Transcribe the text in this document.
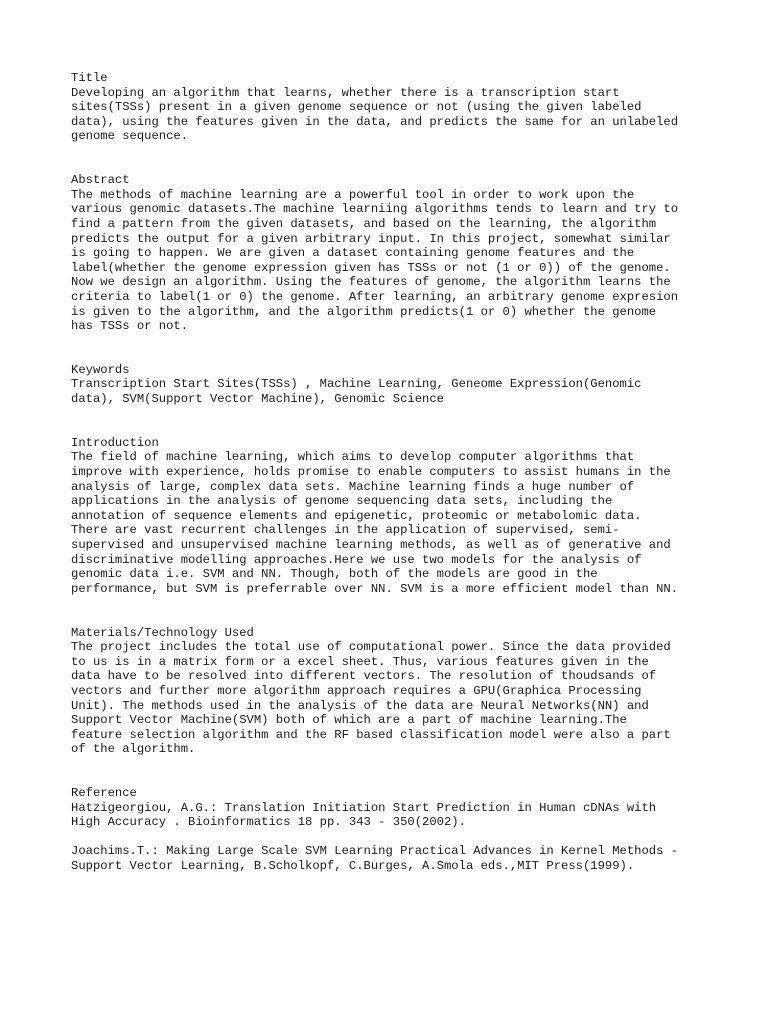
Title
Developing an algorithm that learns, whether there is a transcription start
sites(TSSs) present in a given genome sequence or not (using the given labeled
data), using the features given in the data, and predicts the same for an unlabeled
genome sequence.
Abstract
The methods of machine learning are a powerful tool in order to work upon the
various genomic datasets.The machine learniing algorithms tends to learn and try to
find a pattern from the given datasets, and based on the learning, the algorithm
predicts the output for a given arbitrary input. In this project, somewhat similar
is going to happen. We are given a dataset containing genome features and the
label(whether the genome expression given has TSSs or not (1 or 0)) of the genome.
Now we design an algorithm. Using the features of genome, the algorithm learns the
criteria to label(1 or 0) the genome. After learning, an arbitrary genome expresion
is given to the algorithm, and the algorithm predicts(1 or 0) whether the genome
has TSSs or not.
Keywords
Transcription Start Sites(TSSs) , Machine Learning, Geneome Expression(Genomic
data), SVM(Support Vector Machine), Genomic Science
Introduction
The field of machine learning, which aims to develop computer algorithms that
improve with experience, holds promise to enable computers to assist humans in the
analysis of large, complex data sets. Machine learning finds a huge number of
applications in the analysis of genome sequencing data sets, including the
annotation of sequence elements and epigenetic, proteomic or metabolomic data.
There are vast recurrent challenges in the application of supervised, semi-
supervised and unsupervised machine learning methods, as well as of generative and
discriminative modelling approaches.Here we use two models for the analysis of
genomic data i.e. SVM and NN. Though, both of the models are good in the
performance, but SVM is preferrable over NN. SVM is a more efficient model than NN.
Materials/Technology Used
The project includes the total use of computational power. Since the data provided
to us is in a matrix form or a excel sheet. Thus, various features given in the
data have to be resolved into different vectors. The resolution of thoudsands of
vectors and further more algorithm approach requires a GPU(Graphica Processing
Unit). The methods used in the analysis of the data are Neural Networks(NN) and
Support Vector Machine(SVM) both of which are a part of machine learning.The
feature selection algorithm and the RF based classification model were also a part
of the algorithm.
Reference
Hatzigeorgiou, A.G.: Translation Initiation Start Prediction in Human cDNAs with
High Accuracy . Bioinformatics 18 pp. 343 - 350(2002).
Joachims.T.: Making Large Scale SVM Learning Practical Advances in Kernel Methods -
Support Vector Learning, B.Scholkopf, C.Burges, A.Smola eds.,MIT Press(1999).
